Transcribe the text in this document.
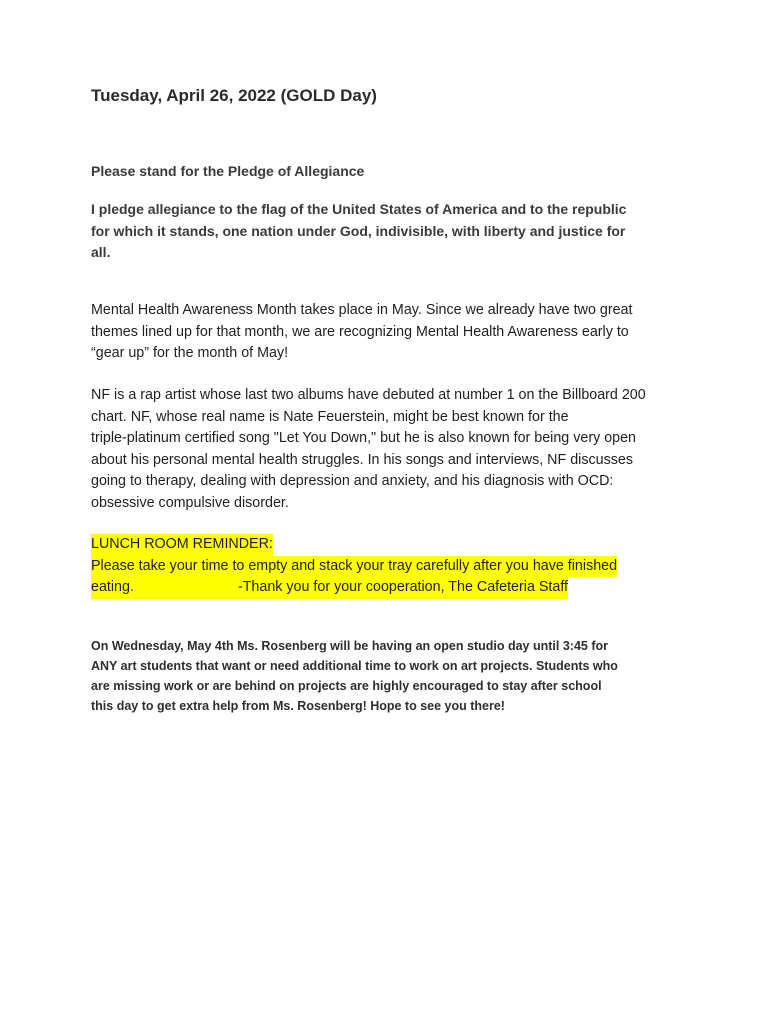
Tuesday, April 26, 2022 (GOLD Day)

Please stand for the Pledge of Allegiance

I pledge allegiance to the flag of the United States of America and to the republic
for which it stands, one nation under God, indivisible, with liberty and justice for
all.

Mental Health Awareness Month takes place in May. Since we already have two great
themes lined up for that month, we are recognizing Mental Health Awareness early to
“gear up” for the month of May!

NF is a rap artist whose last two albums have debuted at number 1 on the Billboard 200
chart. NF, whose real name is Nate Feuerstein, might be best known for the
triple-platinum certified song "Let You Down," but he is also known for being very open
about his personal mental health struggles. In his songs and interviews, NF discusses
going to therapy, dealing with depression and anxiety, and his diagnosis with OCD:
obsessive compulsive disorder.

LUNCH ROOM REMINDER:
Please take your time to empty and stack your tray carefully after you have finished
eating.	-Thank you for your cooperation, The Cafeteria Staff

On Wednesday, May 4th Ms. Rosenberg will be having an open studio day until 3:45 for
ANY art students that want or need additional time to work on art projects. Students who
are missing work or are behind on projects are highly encouraged to stay after school
this day to get extra help from Ms. Rosenberg! Hope to see you there!
